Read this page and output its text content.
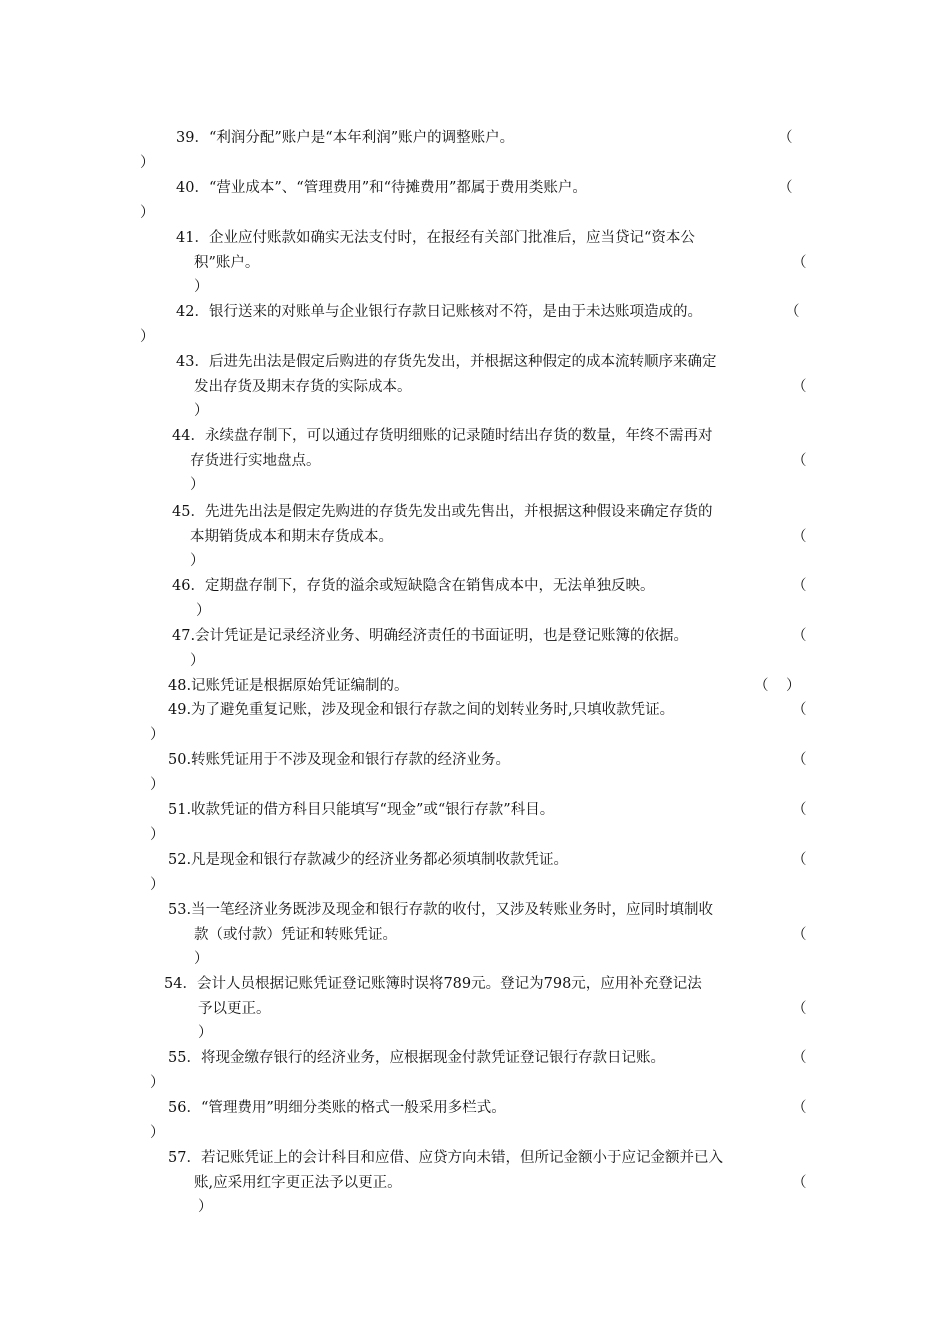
39．“利润分配”账户是“本年利润”账户的调整账户。	（
）
40．“营业成本”、“管理费用”和“待摊费用”都属于费用类账户。	（
）
41．企业应付账款如确实无法支付时，在报经有关部门批准后，应当贷记“资本公
积”账户。	（
）
42．银行送来的对账单与企业银行存款日记账核对不符，是由于未达账项造成的。	（
）
43．后进先出法是假定后购进的存货先发出，并根据这种假定的成本流转顺序来确定
发出存货及期末存货的实际成本。	（
）
44．永续盘存制下，可以通过存货明细账的记录随时结出存货的数量，年终不需再对
存货进行实地盘点。	（
）
45．先进先出法是假定先购进的存货先发出或先售出，并根据这种假设来确定存货的
本期销货成本和期末存货成本。	（
）
46．定期盘存制下，存货的溢余或短缺隐含在销售成本中，无法单独反映。	（
）
47.会计凭证是记录经济业务、明确经济责任的书面证明，也是登记账簿的依据。	（
）
48.记账凭证是根据原始凭证编制的。	（ ）
49.为了避免重复记账，涉及现金和银行存款之间的划转业务时,只填收款凭证。	（
）
50.转账凭证用于不涉及现金和银行存款的经济业务。	（
）
51.收款凭证的借方科目只能填写“现金”或“银行存款”科目。	（
）
52.凡是现金和银行存款减少的经济业务都必须填制收款凭证。	（
）
53.当一笔经济业务既涉及现金和银行存款的收付，又涉及转账业务时，应同时填制收
款（或付款）凭证和转账凭证。	（
）
54．会计人员根据记账凭证登记账簿时误将789元。登记为798元，应用补充登记法
予以更正。	（
）
55．将现金缴存银行的经济业务，应根据现金付款凭证登记银行存款日记账。	（
）
56．“管理费用”明细分类账的格式一般采用多栏式。	（
）
57．若记账凭证上的会计科目和应借、应贷方向未错，但所记金额小于应记金额并已入
账,应采用红字更正法予以更正。	（
）
